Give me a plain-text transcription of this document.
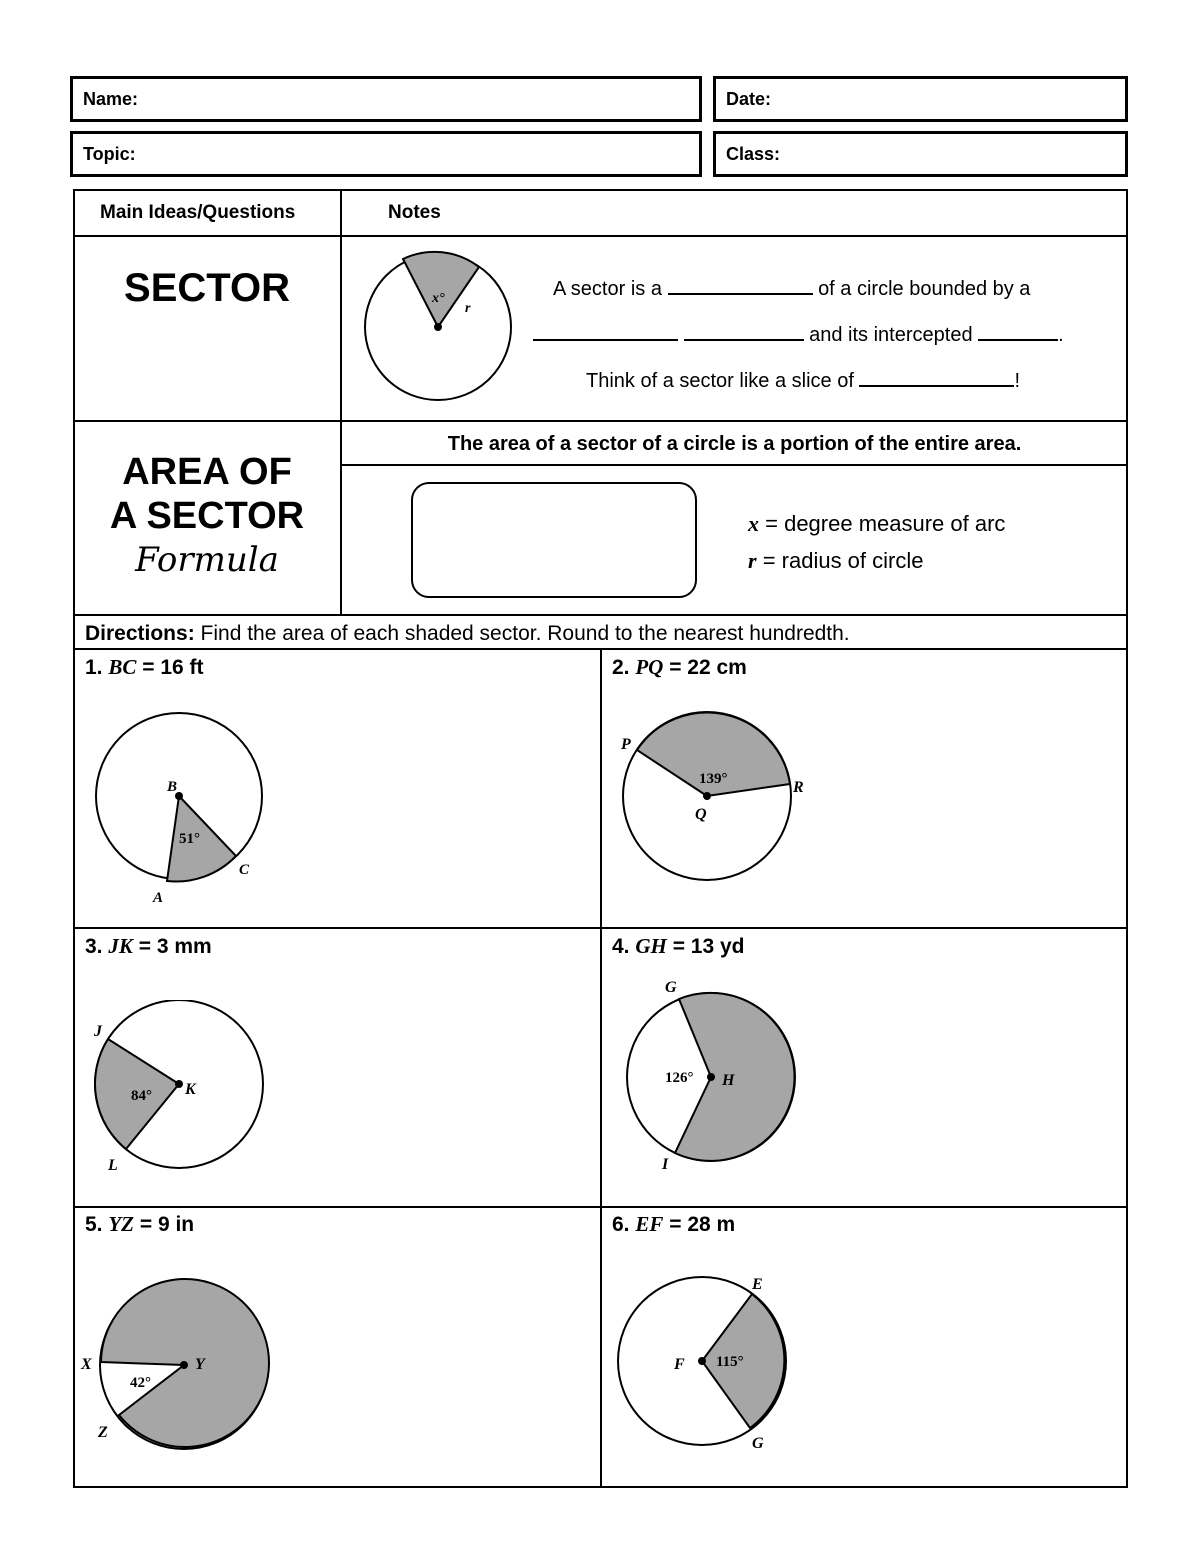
Name:	Date:
Topic:	Class:
Main Ideas/Questions	Notes
SECTOR	x°
r
A sector is a	of a circle bounded by a
and its intercepted	.
Think of a sector like a slice of	!
AREA OF
A SECTOR
Formula
The area of a sector of a circle is a portion of the entire area.
x = degree measure of arc
r = radius of circle
Directions: Find the area of each shaded sector. Round to the nearest hundredth.
1. BC = 16 ft	2. PQ = 22 cm
3. JK = 3 mm	4. GH = 13 yd
5. YZ = 9 in	6. EF = 28 m
51°
B
A
C
139°
P
Q
R
84°
J
K
L
126°
G
H
I
42°
X	Y
Z
115°
E
F
G
